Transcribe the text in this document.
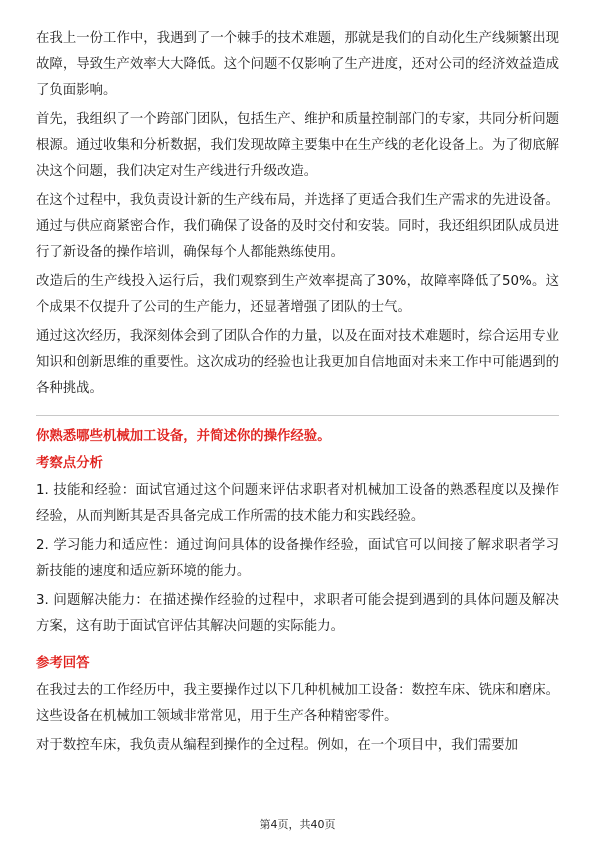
在我上一份工作中，我遇到了一个棘手的技术难题，那就是我们的自动化生产线频繁出现故障，导致生产效率大大降低。这个问题不仅影响了生产进度，还对公司的经济效益造成了负面影响。

首先，我组织了一个跨部门团队，包括生产、维护和质量控制部门的专家，共同分析问题根源。通过收集和分析数据，我们发现故障主要集中在生产线的老化设备上。为了彻底解决这个问题，我们决定对生产线进行升级改造。

在这个过程中，我负责设计新的生产线布局，并选择了更适合我们生产需求的先进设备。通过与供应商紧密合作，我们确保了设备的及时交付和安装。同时，我还组织团队成员进行了新设备的操作培训，确保每个人都能熟练使用。

改造后的生产线投入运行后，我们观察到生产效率提高了30%，故障率降低了50%。这个成果不仅提升了公司的生产能力，还显著增强了团队的士气。

通过这次经历，我深刻体会到了团队合作的力量，以及在面对技术难题时，综合运用专业知识和创新思维的重要性。这次成功的经验也让我更加自信地面对未来工作中可能遇到的各种挑战。

你熟悉哪些机械加工设备，并简述你的操作经验。
考察点分析

1. 技能和经验：面试官通过这个问题来评估求职者对机械加工设备的熟悉程度以及操作经验，从而判断其是否具备完成工作所需的技术能力和实践经验。

2. 学习能力和适应性：通过询问具体的设备操作经验，面试官可以间接了解求职者学习新技能的速度和适应新环境的能力。

3. 问题解决能力：在描述操作经验的过程中，求职者可能会提到遇到的具体问题及解决方案，这有助于面试官评估其解决问题的实际能力。

参考回答

在我过去的工作经历中，我主要操作过以下几种机械加工设备：数控车床、铣床和磨床。这些设备在机械加工领域非常常见，用于生产各种精密零件。

对于数控车床，我负责从编程到操作的全过程。例如，在一个项目中，我们需要加

第4页，共40页
